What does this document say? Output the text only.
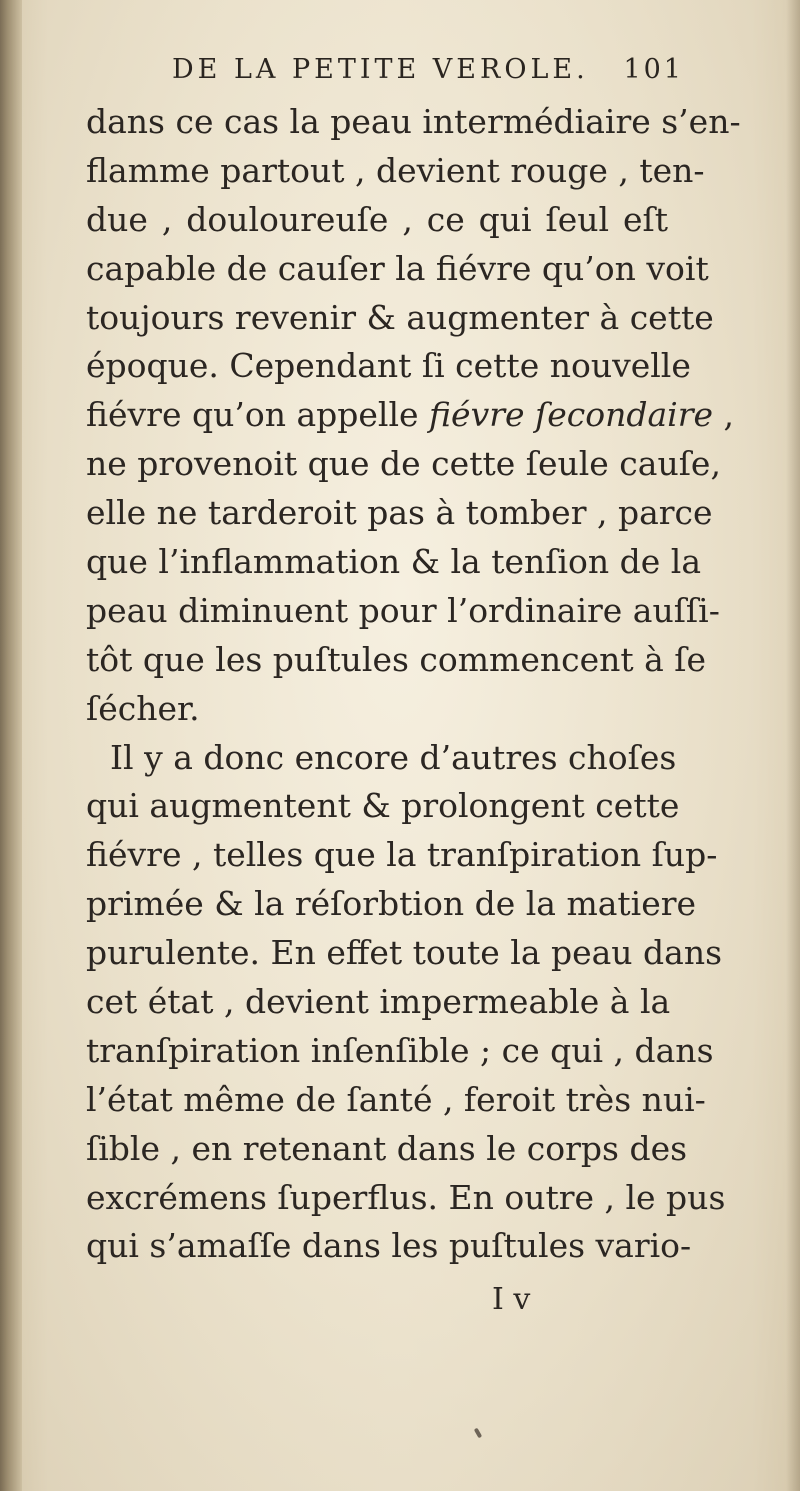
DE LA PETITE VEROLE. 101
dans ce cas la peau intermédiaire s’en-
flamme partout , devient rouge , ten-
due , douloureuſe , ce qui ſeul eſt
capable de cauſer la fiévre qu’on voit
toujours revenir & augmenter à cette
époque. Cependant ſi cette nouvelle
fiévre qu’on appelle fiévre ſecondaire ,
ne provenoit que de cette ſeule cauſe,
elle ne tarderoit pas à tomber , parce
que l’inflammation & la tenſion de la
peau diminuent pour l’ordinaire auſſi-
tôt que les puſtules commencent à ſe
ſécher.
Il y a donc encore d’autres choſes
qui augmentent & prolongent cette
fiévre , telles que la tranſpiration ſup-
primée & la réſorbtion de la matiere
purulente. En effet toute la peau dans
cet état , devient impermeable à la
tranſpiration inſenſible ; ce qui , dans
l’état même de ſanté , feroit très nui-
ſible , en retenant dans le corps des
excrémens ſuperflus. En outre , le pus
qui s’amaſſe dans les puſtules vario-
I v
